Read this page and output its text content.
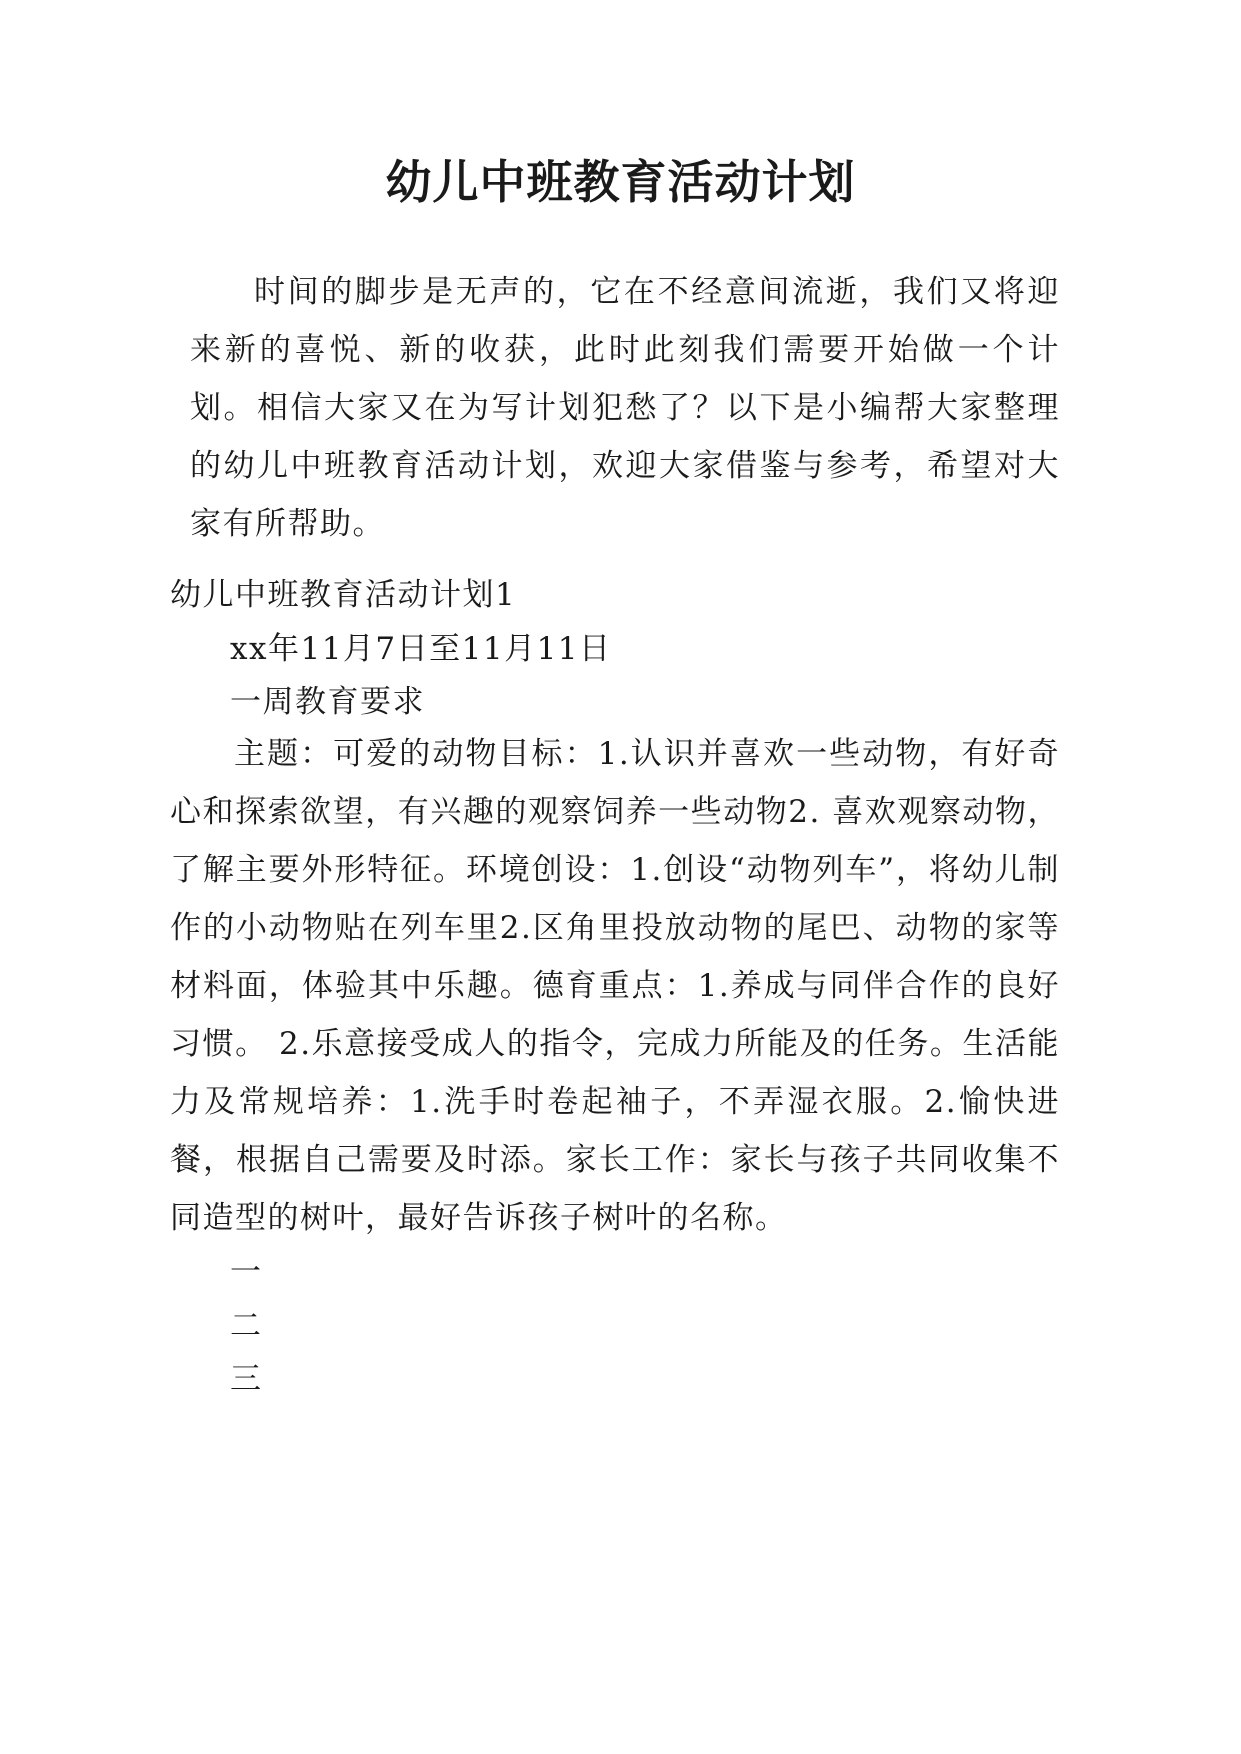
幼儿中班教育活动计划
时间的脚步是无声的，它在不经意间流逝，我们又将迎来新的喜悦、新的收获，此时此刻我们需要开始做一个计划。相信大家又在为写计划犯愁了？以下是小编帮大家整理的幼儿中班教育活动计划，欢迎大家借鉴与参考，希望对大家有所帮助。
幼儿中班教育活动计划1
xx年11月7日至11月11日
一周教育要求
主题：可爱的动物目标：1.认识并喜欢一些动物，有好奇心和探索欲望，有兴趣的观察饲养一些动物2. 喜欢观察动物，了解主要外形特征。环境创设：1.创设“动物列车”，将幼儿制作的小动物贴在列车里2.区角里投放动物的尾巴、动物的家等材料面，体验其中乐趣。德育重点：1.养成与同伴合作的良好习惯。 2.乐意接受成人的指令，完成力所能及的任务。生活能力及常规培养：1.洗手时卷起袖子，不弄湿衣服。2.愉快进餐，根据自己需要及时添。家长工作：家长与孩子共同收集不同造型的树叶，最好告诉孩子树叶的名称。
一
二
三
